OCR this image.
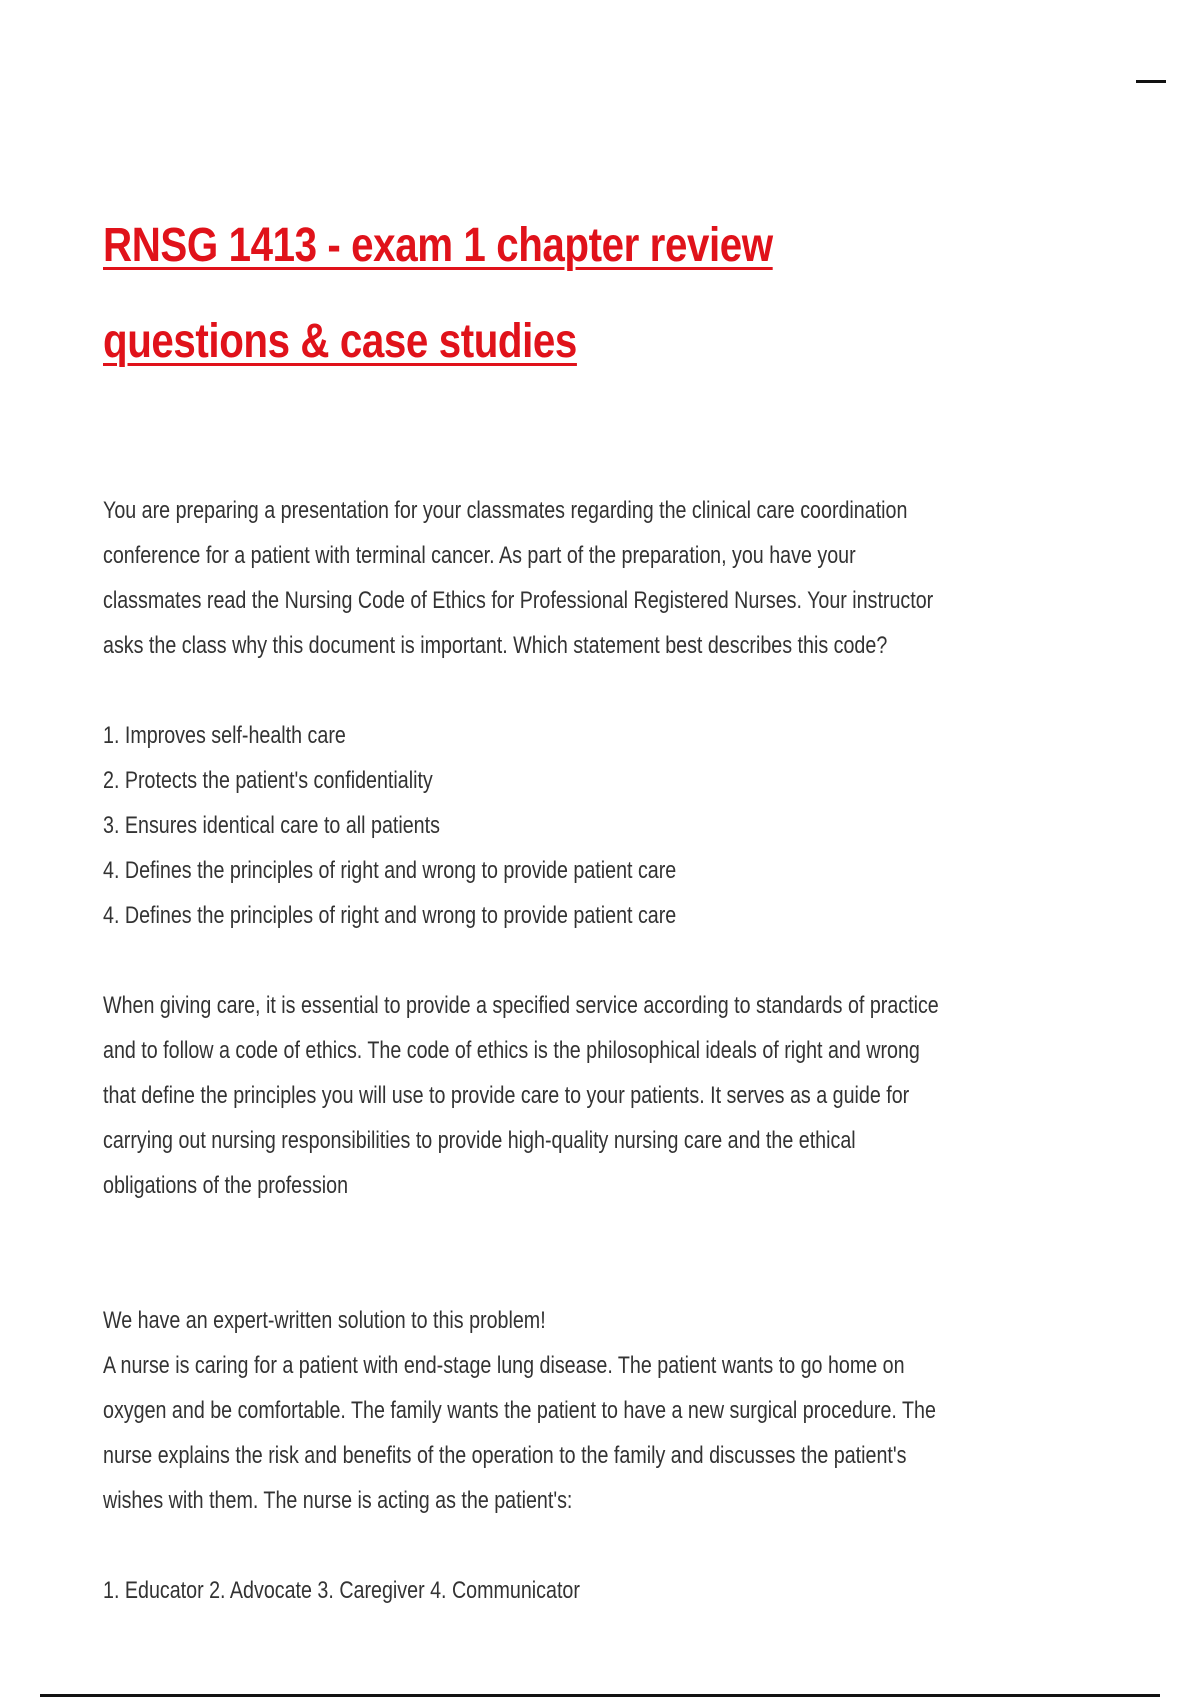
RNSG 1413 - exam 1 chapter review questions & case studies

You are preparing a presentation for your classmates regarding the clinical care coordination conference for a patient with terminal cancer. As part of the preparation, you have your classmates read the Nursing Code of Ethics for Professional Registered Nurses. Your instructor asks the class why this document is important. Which statement best describes this code?

1. Improves self-health care
2. Protects the patient's confidentiality
3. Ensures identical care to all patients
4. Defines the principles of right and wrong to provide patient care
4. Defines the principles of right and wrong to provide patient care

When giving care, it is essential to provide a specified service according to standards of practice and to follow a code of ethics. The code of ethics is the philosophical ideals of right and wrong that define the principles you will use to provide care to your patients. It serves as a guide for carrying out nursing responsibilities to provide high-quality nursing care and the ethical obligations of the profession

We have an expert-written solution to this problem!

A nurse is caring for a patient with end-stage lung disease. The patient wants to go home on oxygen and be comfortable. The family wants the patient to have a new surgical procedure. The nurse explains the risk and benefits of the operation to the family and discusses the patient's wishes with them. The nurse is acting as the patient's:

1. Educator 2. Advocate 3. Caregiver 4. Communicator
